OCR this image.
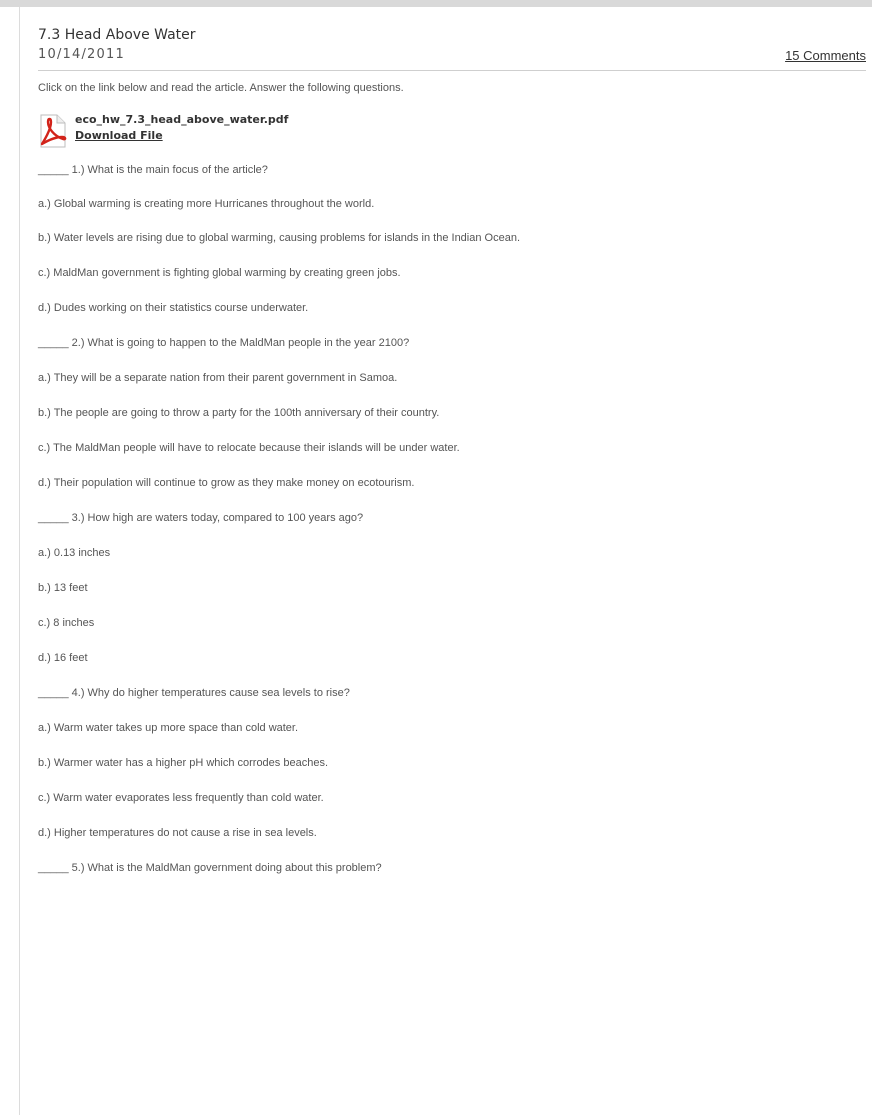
7.3 Head Above Water
10/14/2011	15 Comments
Click on the link below and read the article. Answer the following questions.
eco_hw_7.3_head_above_water.pdf
Download File
_____ 1.) What is the main focus of the article?
a.) Global warming is creating more Hurricanes throughout the world.
b.) Water levels are rising due to global warming, causing problems for islands in the Indian Ocean.
c.) MaldMan government is fighting global warming by creating green jobs.
d.) Dudes working on their statistics course underwater.
_____ 2.) What is going to happen to the MaldMan people in the year 2100?
a.) They will be a separate nation from their parent government in Samoa.
b.) The people are going to throw a party for the 100th anniversary of their country.
c.) The MaldMan people will have to relocate because their islands will be under water.
d.) Their population will continue to grow as they make money on ecotourism.
_____ 3.) How high are waters today, compared to 100 years ago?
a.) 0.13 inches
b.) 13 feet
c.) 8 inches
d.) 16 feet
_____ 4.) Why do higher temperatures cause sea levels to rise?
a.) Warm water takes up more space than cold water.
b.) Warmer water has a higher pH which corrodes beaches.
c.) Warm water evaporates less frequently than cold water.
d.) Higher temperatures do not cause a rise in sea levels.
_____ 5.) What is the MaldMan government doing about this problem?
